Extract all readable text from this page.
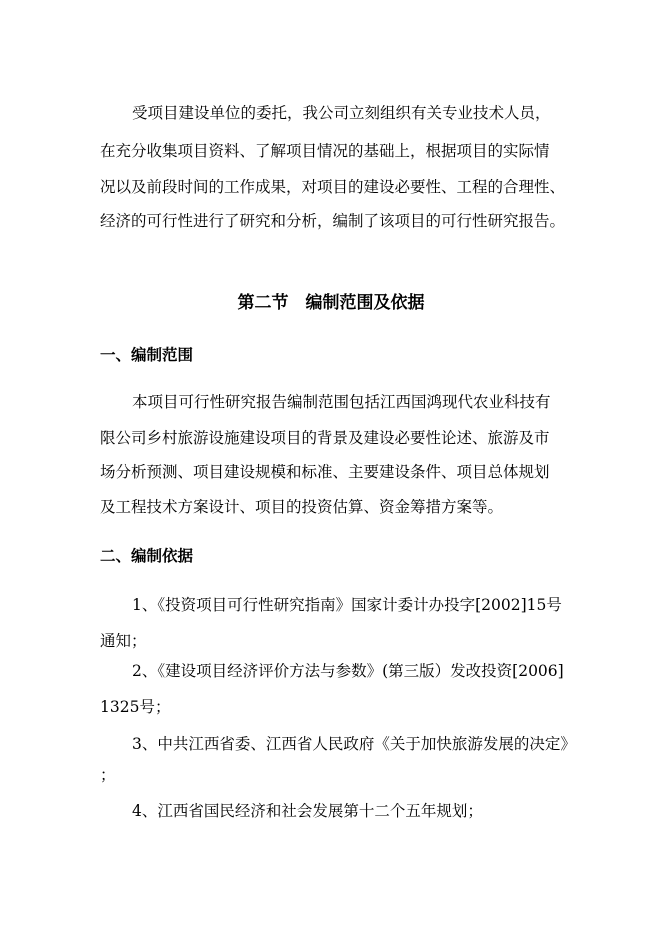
受项目建设单位的委托，我公司立刻组织有关专业技术人员，
在充分收集项目资料、了解项目情况的基础上，根据项目的实际情
况以及前段时间的工作成果，对项目的建设必要性、工程的合理性、
经济的可行性进行了研究和分析，编制了该项目的可行性研究报告。
第二节　编制范围及依据
一、编制范围
本项目可行性研究报告编制范围包括江西国鸿现代农业科技有
限公司乡村旅游设施建设项目的背景及建设必要性论述、旅游及市
场分析预测、项目建设规模和标准、主要建设条件、项目总体规划
及工程技术方案设计、项目的投资估算、资金筹措方案等。
二、编制依据
1、《投资项目可行性研究指南》国家计委计办投字[2002]15号
通知；
2、《建设项目经济评价方法与参数》(第三版）发改投资[2006]
1325号；
3、中共江西省委、江西省人民政府《关于加快旅游发展的决定》
；
4、江西省国民经济和社会发展第十二个五年规划；
